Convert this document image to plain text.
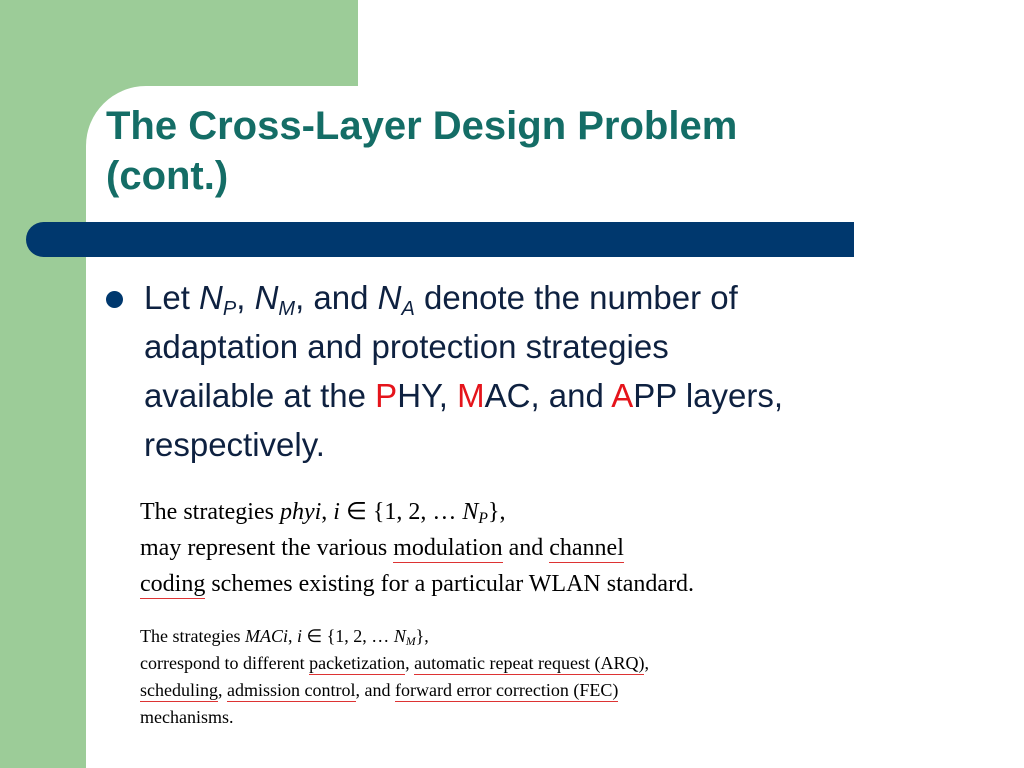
The Cross-Layer Design Problem
(cont.)
Let $N_P$, $N_M$, and $N_A$ denote the number of
adaptation and protection strategies
available at the PHY, MAC, and APP layers,
respectively.
The strategies phyi, i ∈ {1, 2, … $N_P$},
may represent the various modulation and channel
coding schemes existing for a particular WLAN standard.
The strategies MACi, i ∈ {1, 2, … $N_M$},
correspond to different packetization, automatic repeat request (ARQ),
scheduling, admission control, and forward error correction (FEC)
mechanisms.
